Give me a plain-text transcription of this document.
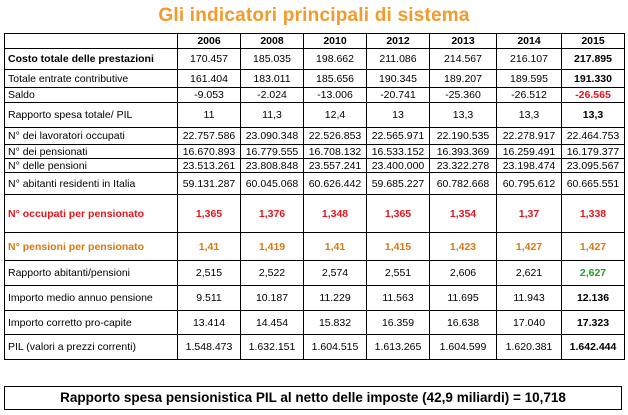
Gli indicatori principali di sistema
	2006	2008	2010	2012	2013	2014	2015
Costo totale delle prestazioni	170.457	185.035	198.662	211.086	214.567	216.107	217.895
Totale entrate contributive	161.404	183.011	185.656	190.345	189.207	189.595	191.330
Saldo	-9.053	-2.024	-13.006	-20.741	-25.360	-26.512	-26.565
Rapporto spesa totale/ PIL	11	11,3	12,4	13	13,3	13,3	13,3
N° dei lavoratori occupati	22.757.586	23.090.348	22.526.853	22.565.971	22.190.535	22.278.917	22.464.753
N° dei pensionati	16.670.893	16.779.555	16.708.132	16.533.152	16.393.369	16.259.491	16.179.377
N° delle pensioni	23.513.261	23.808.848	23.557.241	23.400.000	23.322.278	23.198.474	23.095.567
N° abitanti residenti in Italia	59.131.287	60.045.068	60.626.442	59.685.227	60.782.668	60.795.612	60.665.551
N° occupati per pensionato	1,365	1,376	1,348	1,365	1,354	1,37	1,338
N° pensioni per pensionato	1,41	1,419	1,41	1,415	1,423	1,427	1,427
Rapporto abitanti/pensioni	2,515	2,522	2,574	2,551	2,606	2,621	2,627
Importo medio annuo pensione	9.511	10.187	11.229	11.563	11.695	11.943	12.136
Importo corretto pro-capite	13.414	14.454	15.832	16.359	16.638	17.040	17.323
PIL (valori a prezzi correnti)	1.548.473	1.632.151	1.604.515	1.613.265	1.604.599	1.620.381	1.642.444
Rapporto spesa pensionistica PIL al netto delle imposte (42,9 miliardi) = 10,718
